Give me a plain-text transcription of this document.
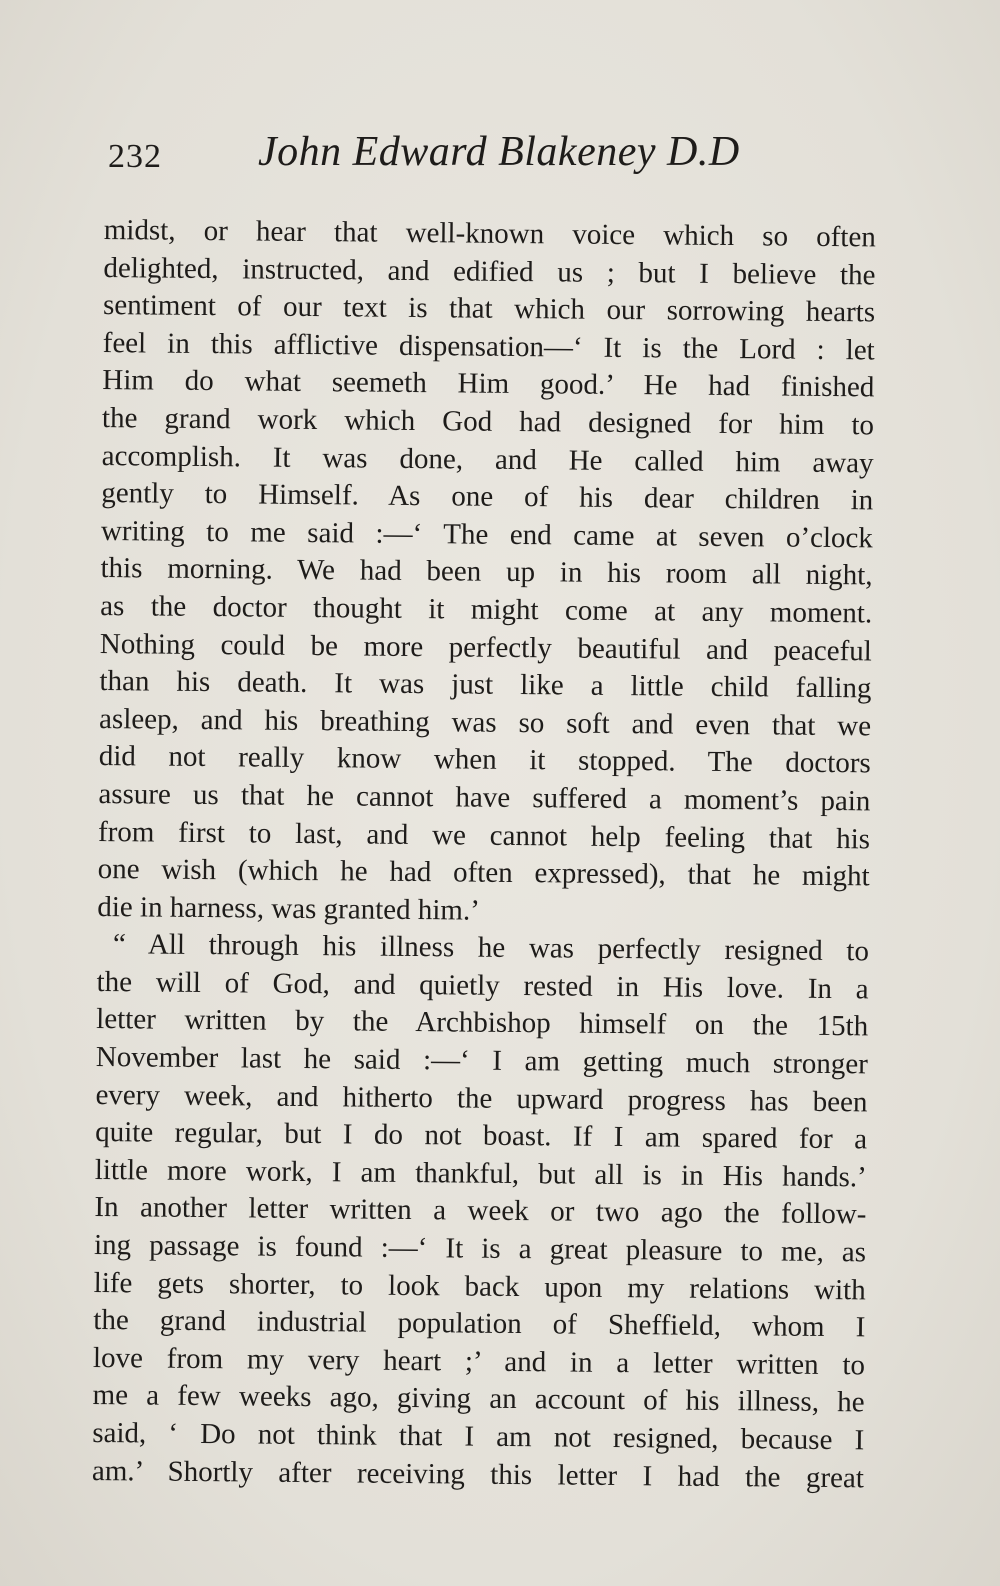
232 John Edward Blakeney D.D
midst, or hear that well-known voice which so often
delighted, instructed, and edified us ; but I believe the
sentiment of our text is that which our sorrowing hearts
feel in this afflictive dispensation—‘ It is the Lord : let
Him do what seemeth Him good.’ He had finished
the grand work which God had designed for him to
accomplish. It was done, and He called him away
gently to Himself. As one of his dear children in
writing to me said :—‘ The end came at seven o’clock
this morning. We had been up in his room all night,
as the doctor thought it might come at any moment.
Nothing could be more perfectly beautiful and peaceful
than his death. It was just like a little child falling
asleep, and his breathing was so soft and even that we
did not really know when it stopped. The doctors
assure us that he cannot have suffered a moment’s pain
from first to last, and we cannot help feeling that his
one wish (which he had often expressed), that he might
die in harness, was granted him.’
“ All through his illness he was perfectly resigned to
the will of God, and quietly rested in His love. In a
letter written by the Archbishop himself on the 15th
November last he said :—‘ I am getting much stronger
every week, and hitherto the upward progress has been
quite regular, but I do not boast. If I am spared for a
little more work, I am thankful, but all is in His hands.’
In another letter written a week or two ago the follow-
ing passage is found :—‘ It is a great pleasure to me, as
life gets shorter, to look back upon my relations with
the grand industrial population of Sheffield, whom I
love from my very heart ;’ and in a letter written to
me a few weeks ago, giving an account of his illness, he
said, ‘ Do not think that I am not resigned, because I
am.’ Shortly after receiving this letter I had the great
